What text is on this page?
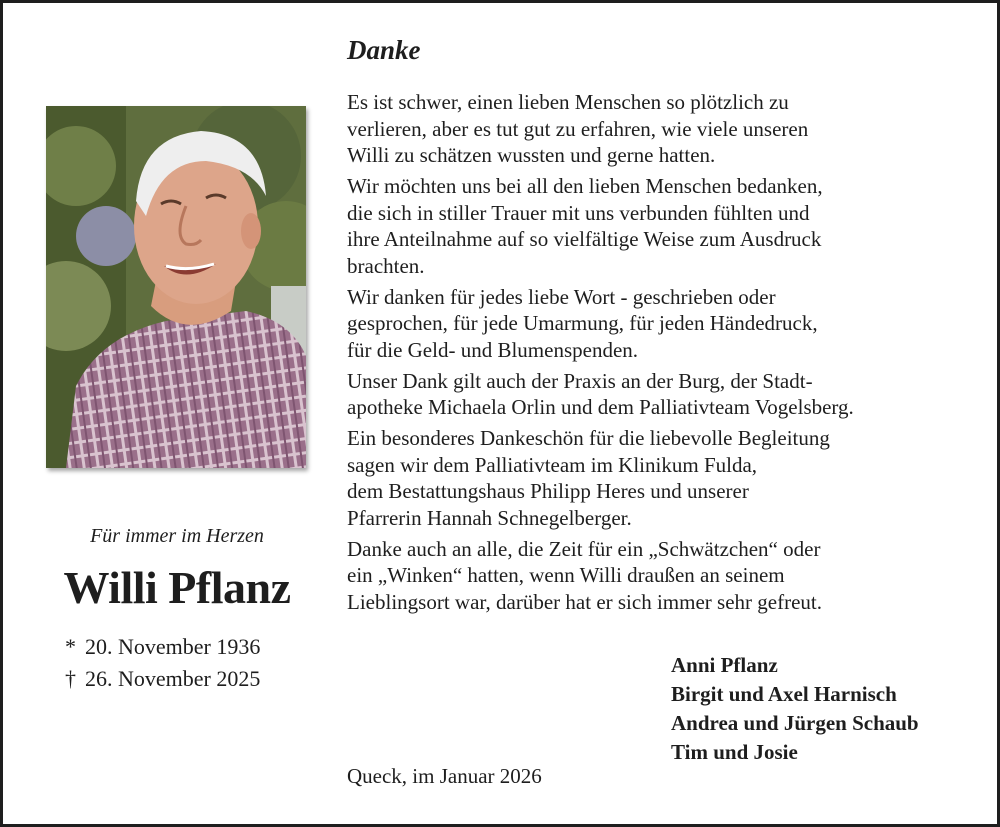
Für immer im Herzen
Willi Pflanz
* 20. November 1936
† 26. November 2025
Danke

Es ist schwer, einen lieben Menschen so plötzlich zu
verlieren, aber es tut gut zu erfahren, wie viele unseren
Willi zu schätzen wussten und gerne hatten.

Wir möchten uns bei all den lieben Menschen bedanken,
die sich in stiller Trauer mit uns verbunden fühlten und
ihre Anteilnahme auf so vielfältige Weise zum Ausdruck
brachten.

Wir danken für jedes liebe Wort - geschrieben oder
gesprochen, für jede Umarmung, für jeden Händedruck,
für die Geld- und Blumenspenden.

Unser Dank gilt auch der Praxis an der Burg, der Stadt-
apotheke Michaela Orlin und dem Palliativteam Vogelsberg.

Ein besonderes Dankeschön für die liebevolle Begleitung
sagen wir dem Palliativteam im Klinikum Fulda,
dem Bestattungshaus Philipp Heres und unserer
Pfarrerin Hannah Schnegelberger.

Danke auch an alle, die Zeit für ein „Schwätzchen“ oder
ein „Winken“ hatten, wenn Willi draußen an seinem
Lieblingsort war, darüber hat er sich immer sehr gefreut.

Anni Pflanz
Birgit und Axel Harnisch
Andrea und Jürgen Schaub
Tim und Josie
Queck, im Januar 2026
